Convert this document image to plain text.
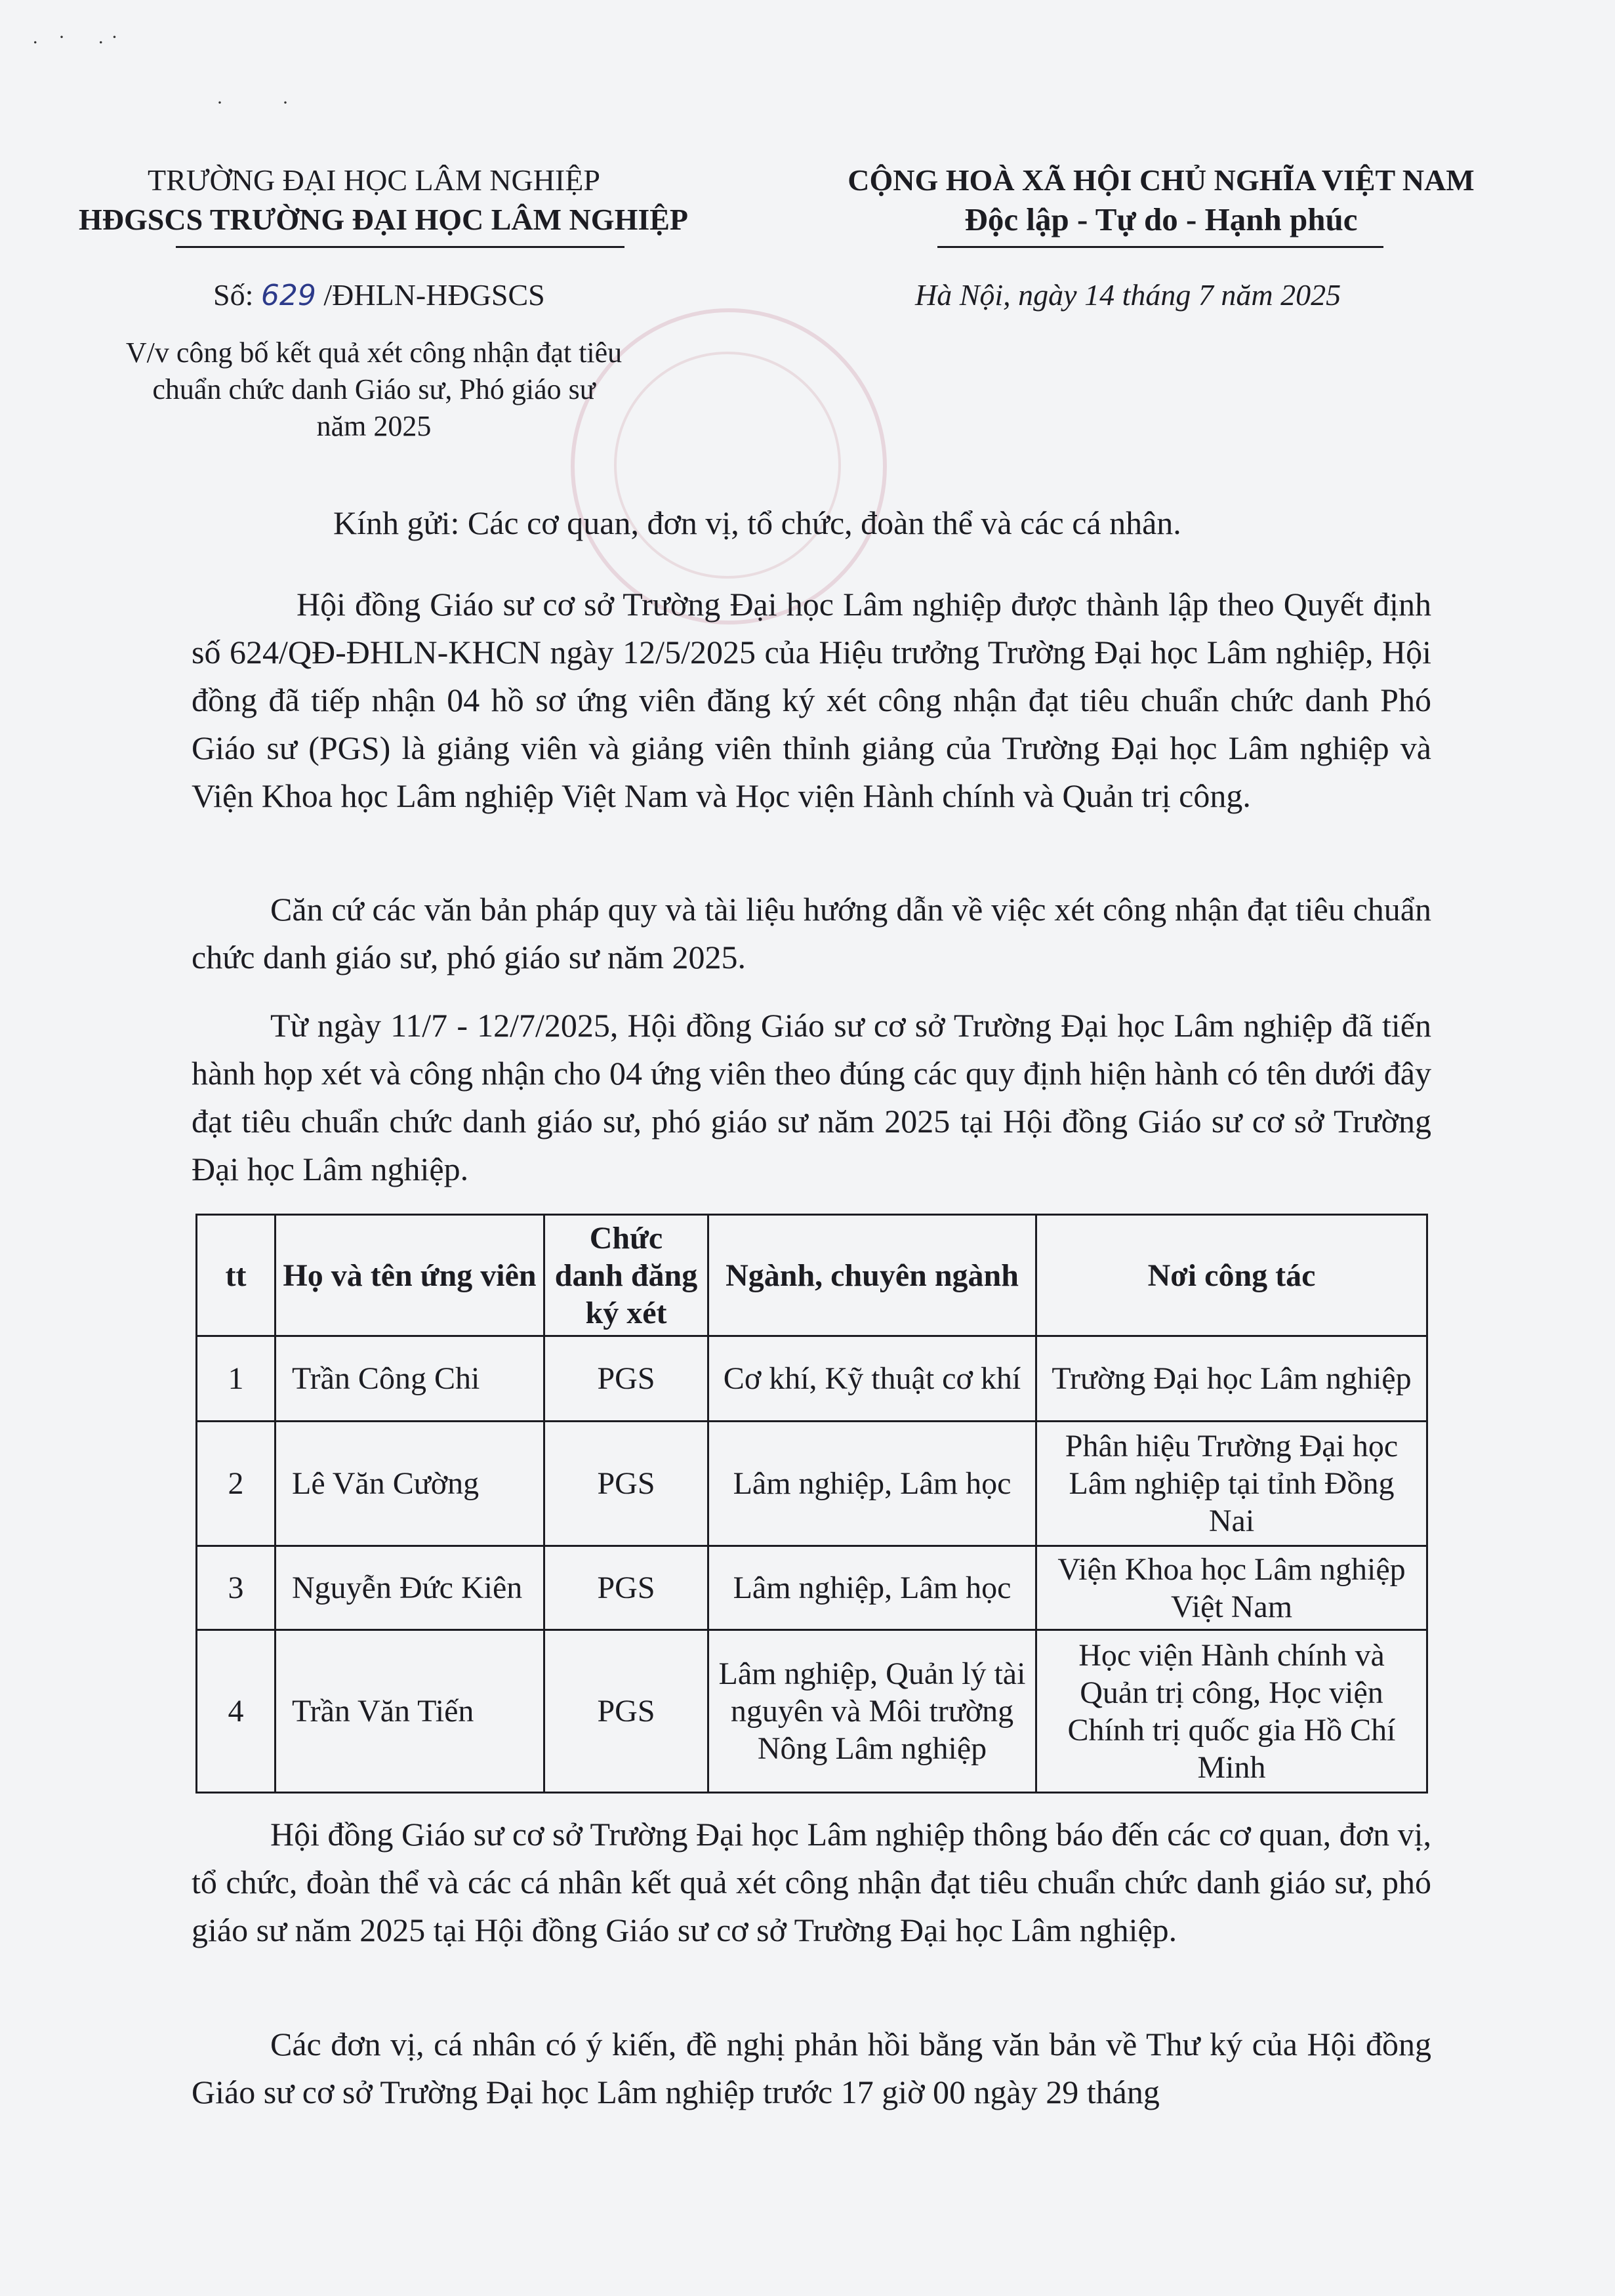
. ·  .·
·    ·
TRƯỜNG ĐẠI HỌC LÂM NGHIỆP
HĐGSCS TRƯỜNG ĐẠI HỌC LÂM NGHIỆP
Số: 629 /ĐHLN-HĐGSCS
V/v công bố kết quả xét công nhận đạt tiêu
chuẩn chức danh Giáo sư, Phó giáo sư
năm 2025
CỘNG HOÀ XÃ HỘI CHỦ NGHĨA VIỆT NAM
Độc lập - Tự do - Hạnh phúc
Hà Nội, ngày 14 tháng 7 năm 2025
Kính gửi: Các cơ quan, đơn vị, tổ chức, đoàn thể và các cá nhân.
Hội đồng Giáo sư cơ sở Trường Đại học Lâm nghiệp được thành lập theo Quyết định số 624/QĐ-ĐHLN-KHCN ngày 12/5/2025 của Hiệu trưởng Trường Đại học Lâm nghiệp, Hội đồng đã tiếp nhận 04 hồ sơ ứng viên đăng ký xét công nhận đạt tiêu chuẩn chức danh Phó Giáo sư (PGS) là giảng viên và giảng viên thỉnh giảng của Trường Đại học Lâm nghiệp và Viện Khoa học Lâm nghiệp Việt Nam và Học viện Hành chính và Quản trị công.
Căn cứ các văn bản pháp quy và tài liệu hướng dẫn về việc xét công nhận đạt tiêu chuẩn chức danh giáo sư, phó giáo sư năm 2025.
Từ ngày 11/7 - 12/7/2025, Hội đồng Giáo sư cơ sở Trường Đại học Lâm nghiệp đã tiến hành họp xét và công nhận cho 04 ứng viên theo đúng các quy định hiện hành có tên dưới đây đạt tiêu chuẩn chức danh giáo sư, phó giáo sư năm 2025 tại Hội đồng Giáo sư cơ sở Trường Đại học Lâm nghiệp.
tt	Họ và tên ứng viên	Chức danh đăng ký xét	Ngành, chuyên ngành	Nơi công tác
1	Trần Công Chi	PGS	Cơ khí, Kỹ thuật cơ khí	Trường Đại học Lâm nghiệp
2	Lê Văn Cường	PGS	Lâm nghiệp, Lâm học	Phân hiệu Trường Đại học Lâm nghiệp tại tỉnh Đồng Nai
3	Nguyễn Đức Kiên	PGS	Lâm nghiệp, Lâm học	Viện Khoa học Lâm nghiệp Việt Nam
4	Trần Văn Tiến	PGS	Lâm nghiệp, Quản lý tài nguyên và Môi trường Nông Lâm nghiệp	Học viện Hành chính và Quản trị công, Học viện Chính trị quốc gia Hồ Chí Minh
Hội đồng Giáo sư cơ sở Trường Đại học Lâm nghiệp thông báo đến các cơ quan, đơn vị, tổ chức, đoàn thể và các cá nhân kết quả xét công nhận đạt tiêu chuẩn chức danh giáo sư, phó giáo sư năm 2025 tại Hội đồng Giáo sư cơ sở Trường Đại học Lâm nghiệp.
Các đơn vị, cá nhân có ý kiến, đề nghị phản hồi bằng văn bản về Thư ký của Hội đồng Giáo sư cơ sở Trường Đại học Lâm nghiệp trước 17 giờ 00 ngày 29 tháng
